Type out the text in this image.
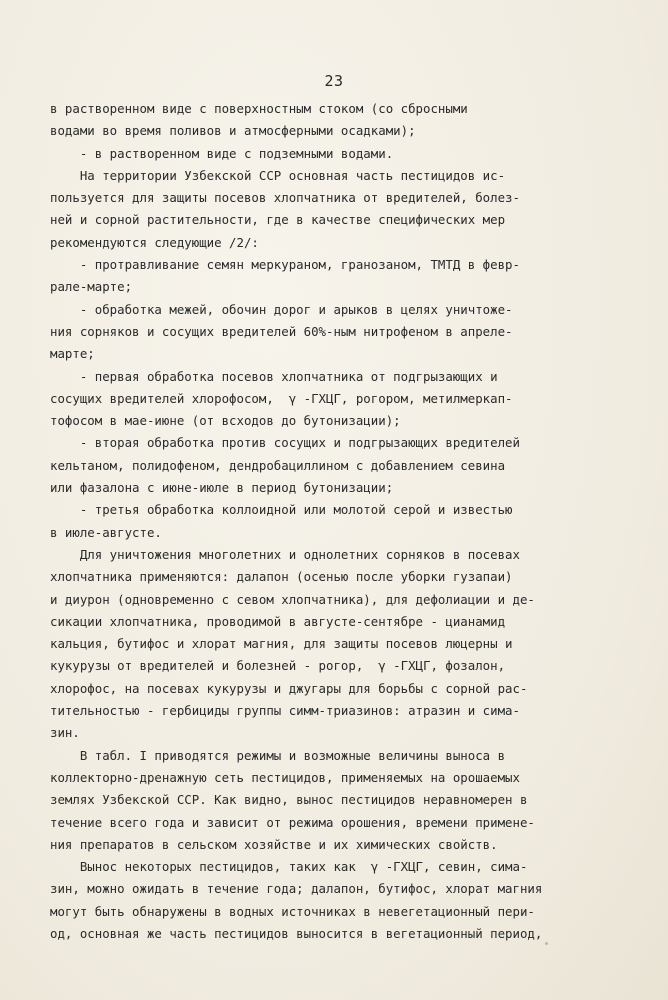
23
в растворенном виде с поверхностным стоком (со сбросными
водами во время поливов и атмосферными осадками);
- в растворенном виде с подземными водами.
На территории Узбекской ССР основная часть пестицидов ис-
пользуется для защиты посевов хлопчатника от вредителей, болез-
ней и сорной растительности, где в качестве специфических мер
рекомендуются следующие /2/:
- протравливание семян меркураном, гранозаном, ТМТД в февр-
рале-марте;
- обработка межей, обочин дорог и арыков в целях уничтоже-
ния сорняков и сосущих вредителей 60%-ным нитрофеном в апреле-
марте;
- первая обработка посевов хлопчатника от подгрызающих и
сосущих вредителей хлорофосом,  γ -ГХЦГ, рогором, метилмеркап-
тофосом в мае-июне (от всходов до бутонизации);
- вторая обработка против сосущих и подгрызающих вредителей
кельтаном, полидофеном, дендробациллином с добавлением севина
или фазалона с июне-июле в период бутонизации;
- третья обработка коллоидной или молотой серой и известью
в июле-августе.
Для уничтожения многолетних и однолетних сорняков в посевах
хлопчатника применяются: далапон (осенью после уборки гузапаи)
и диурон (одновременно с севом хлопчатника), для дефолиации и де-
сикации хлопчатника, проводимой в августе-сентябре - цианамид
кальция, бутифос и хлорат магния, для защиты посевов люцерны и
кукурузы от вредителей и болезней - рогор,  γ -ГХЦГ, фозалон,
хлорофос, на посевах кукурузы и джугары для борьбы с сорной рас-
тительностью - гербициды группы симм-триазинов: атразин и сима-
зин.
В табл. I приводятся режимы и возможные величины выноса в
коллекторно-дренажную сеть пестицидов, применяемых на орошаемых
землях Узбекской ССР. Как видно, вынос пестицидов неравномерен в
течение всего года и зависит от режима орошения, времени примене-
ния препаратов в сельском хозяйстве и их химических свойств.
Вынос некоторых пестицидов, таких как  γ -ГХЦГ, севин, сима-
зин, можно ожидать в течение года; далапон, бутифос, хлорат магния
могут быть обнаружены в водных источниках в невегетационный пери-
од, основная же часть пестицидов выносится в вегетационный период,
